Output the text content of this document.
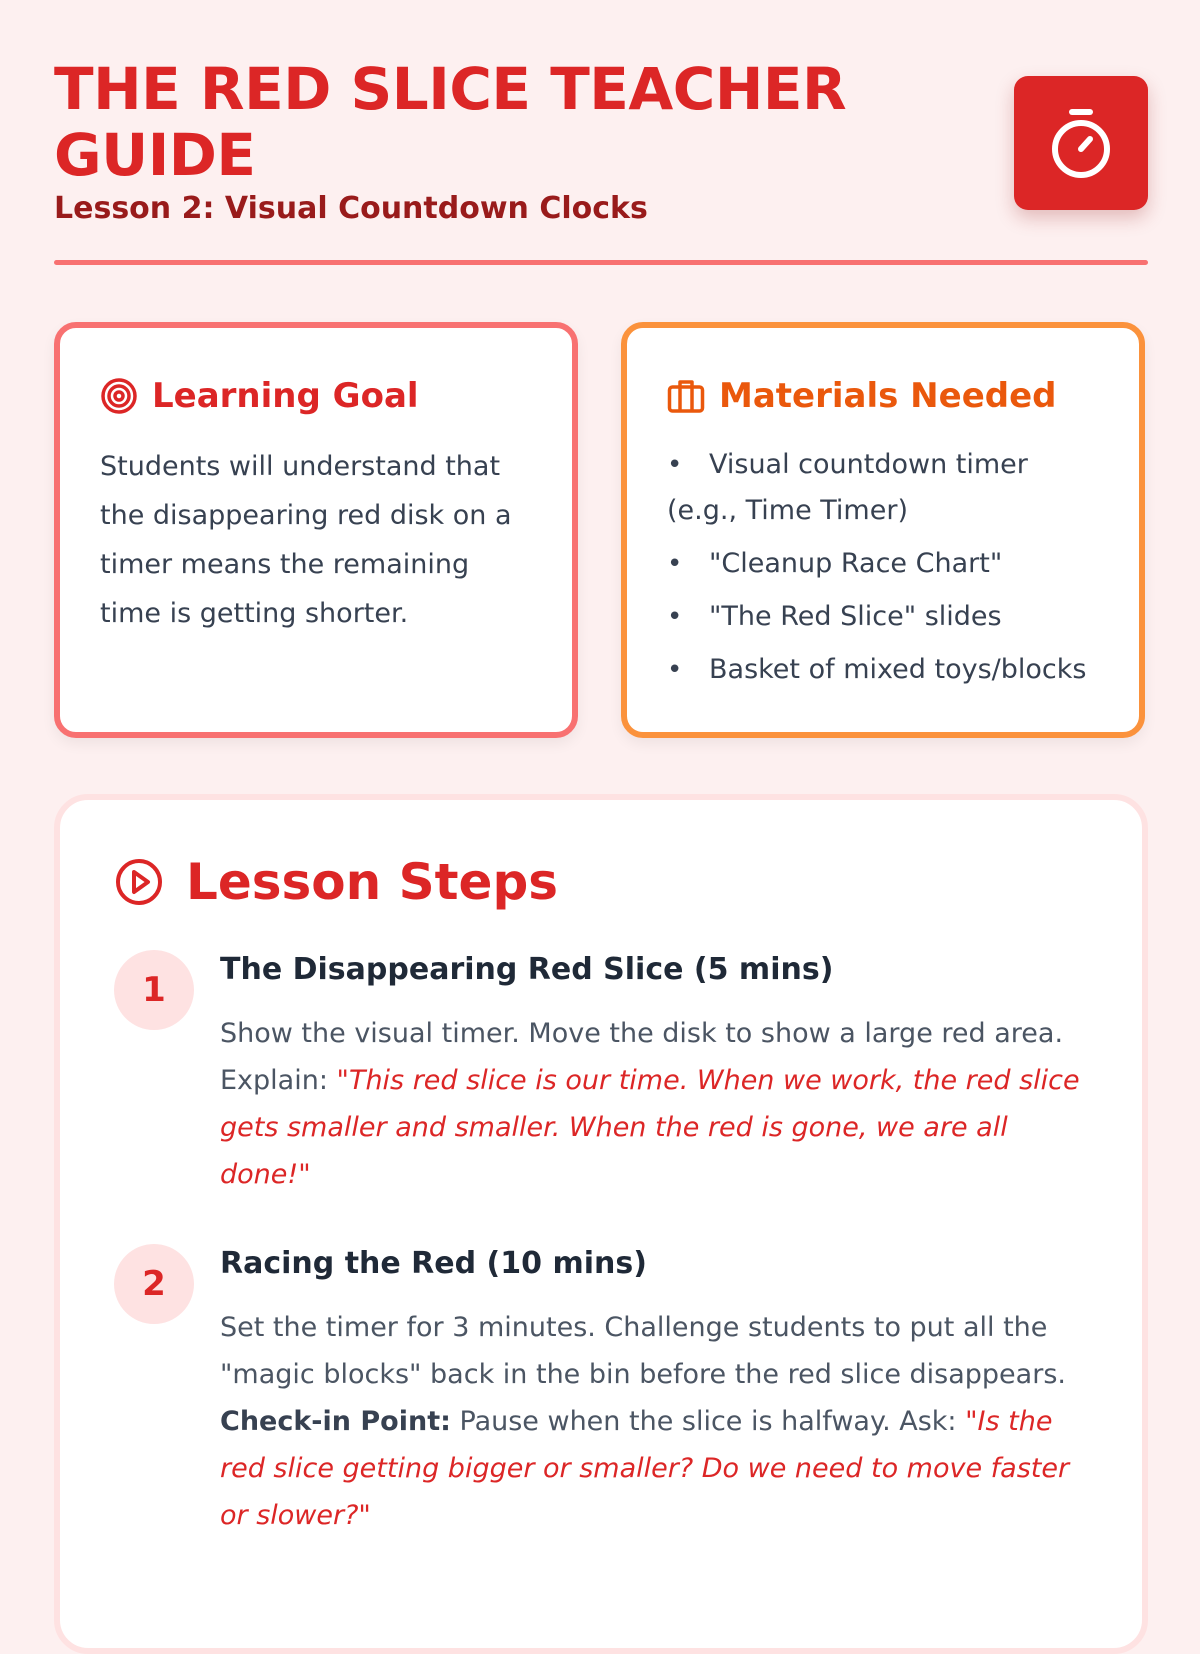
THE RED SLICE TEACHER GUIDE
Lesson 2: Visual Countdown Clocks
Learning Goal

Students will understand that the disappearing red disk on a timer means the remaining time is getting shorter.

Materials Needed
• Visual countdown timer (e.g., Time Timer)
• "Cleanup Race Chart"
• "The Red Slice" slides
• Basket of mixed toys/blocks
Lesson Steps
1
The Disappearing Red Slice (5 mins)

Show the visual timer. Move the disk to show a large red area. Explain: "This red slice is our time. When we work, the red slice gets smaller and smaller. When the red is gone, we are all done!"

2
Racing the Red (10 mins)

Set the timer for 3 minutes. Challenge students to put all the "magic blocks" back in the bin before the red slice disappears. Check-in Point: Pause when the slice is halfway. Ask: "Is the red slice getting bigger or smaller? Do we need to move faster or slower?"
